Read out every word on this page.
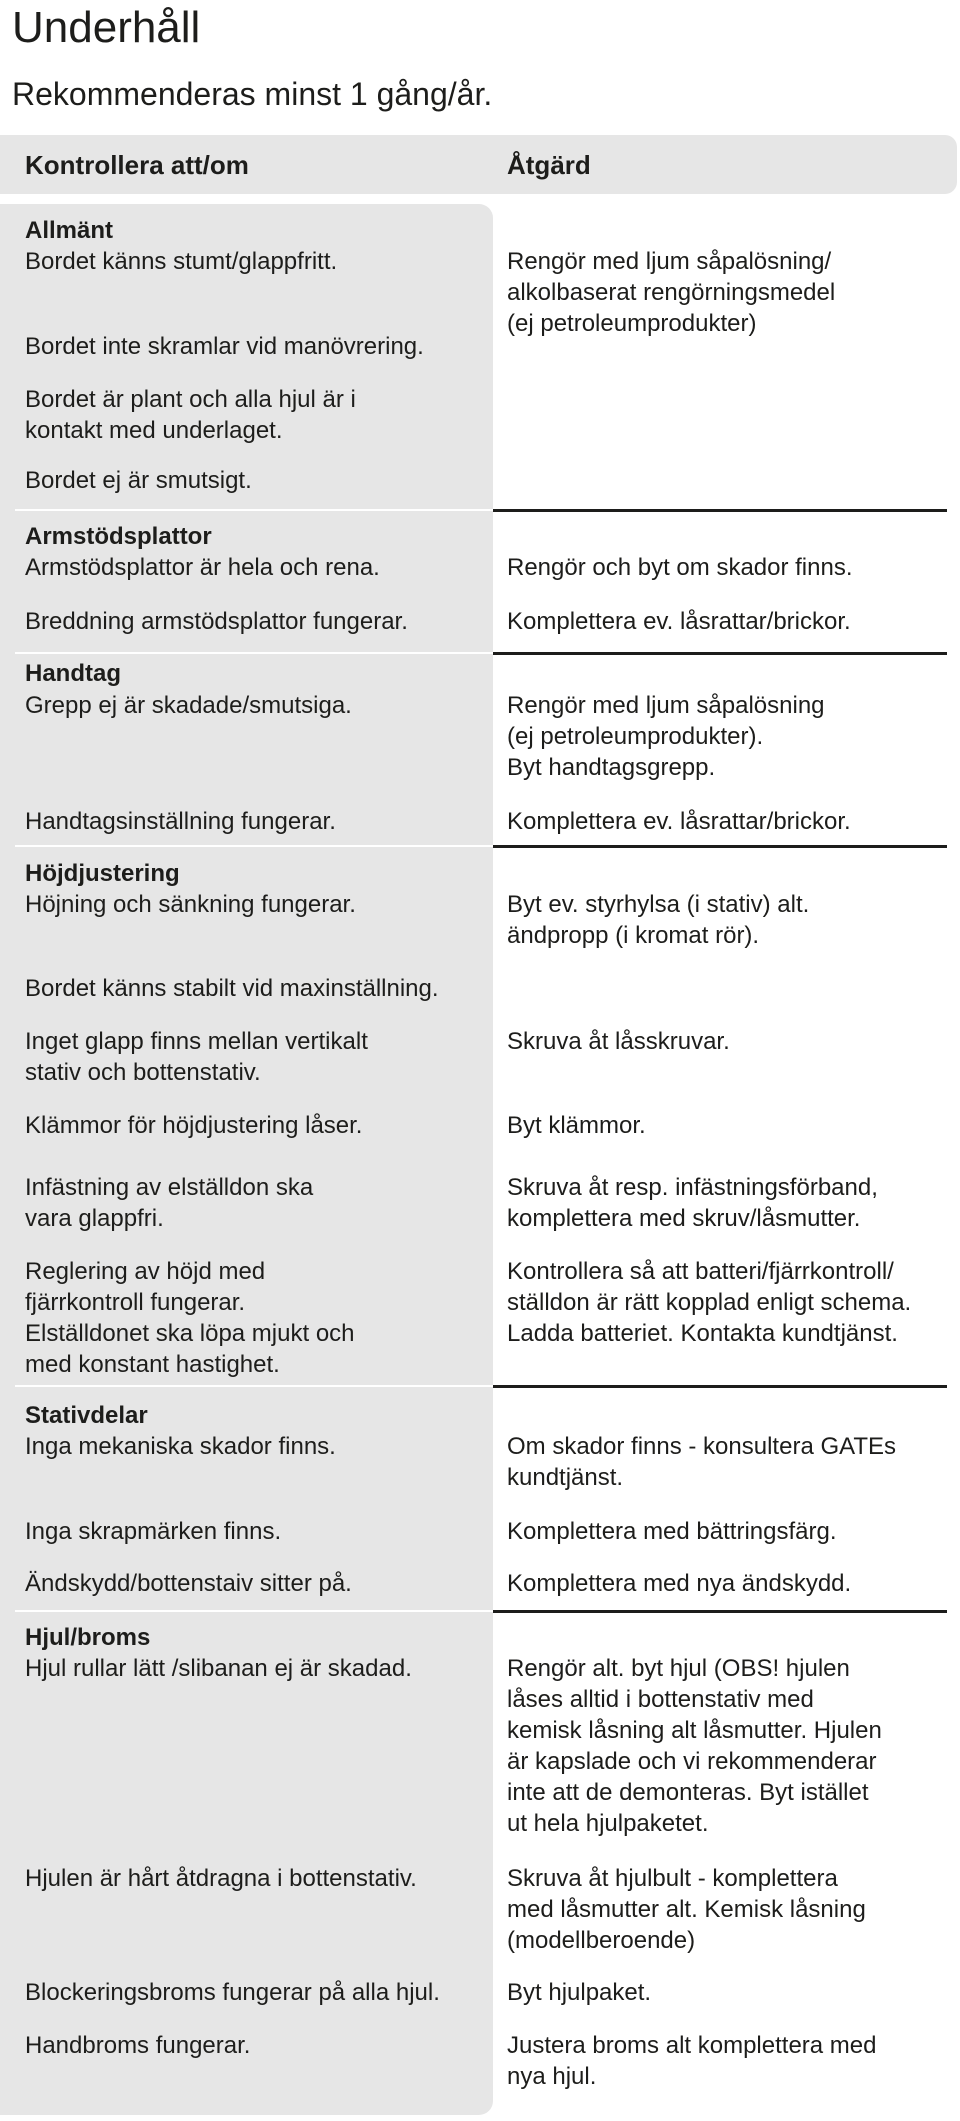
Underhåll

Rekommenderas minst 1 gång/år.

Kontrollera att/om	Åtgärd
Allmänt
Bordet känns stumt/glappfritt.
Bordet inte skramlar vid manövrering.
Bordet är plant och alla hjul är i
kontakt med underlaget.
Bordet ej är smutsigt.
Rengör med ljum såpalösning/
alkolbaserat rengörningsmedel
(ej petroleumprodukter)
Armstödsplattor
Armstödsplattor är hela och rena.
Breddning armstödsplattor fungerar.
Rengör och byt om skador finns.
Komplettera ev. låsrattar/brickor.
Handtag
Grepp ej är skadade/smutsiga.
Handtagsinställning fungerar.
Rengör med ljum såpalösning
(ej petroleumprodukter).
Byt handtagsgrepp.
Komplettera ev. låsrattar/brickor.
Höjdjustering
Höjning och sänkning fungerar.
Bordet känns stabilt vid maxinställning.
Inget glapp finns mellan vertikalt
stativ och bottenstativ.
Klämmor för höjdjustering låser.
Infästning av elställdon ska
vara glappfri.
Reglering av höjd med
fjärrkontroll fungerar.
Elställdonet ska löpa mjukt och
med konstant hastighet.
Byt ev. styrhylsa (i stativ) alt.
ändpropp (i kromat rör).
Skruva åt låsskruvar.
Byt klämmor.
Skruva åt resp. infästningsförband,
komplettera med skruv/låsmutter.
Kontrollera så att batteri/fjärrkontroll/
ställdon är rätt kopplad enligt schema.
Ladda batteriet. Kontakta kundtjänst.
Stativdelar
Inga mekaniska skador finns.
Inga skrapmärken finns.
Ändskydd/bottenstaiv sitter på.
Om skador finns - konsultera GATEs
kundtjänst.
Komplettera med bättringsfärg.
Komplettera med nya ändskydd.
Hjul/broms
Hjul rullar lätt /slibanan ej är skadad.
Hjulen är hårt åtdragna i bottenstativ.
Blockeringsbroms fungerar på alla hjul.
Handbroms fungerar.
Rengör alt. byt hjul (OBS! hjulen
låses alltid i bottenstativ med
kemisk låsning alt låsmutter. Hjulen
är kapslade och vi rekommenderar
inte att de demonteras. Byt istället
ut hela hjulpaketet.
Skruva åt hjulbult - komplettera
med låsmutter alt. Kemisk låsning
(modellberoende)
Byt hjulpaket.
Justera broms alt komplettera med
nya hjul.
